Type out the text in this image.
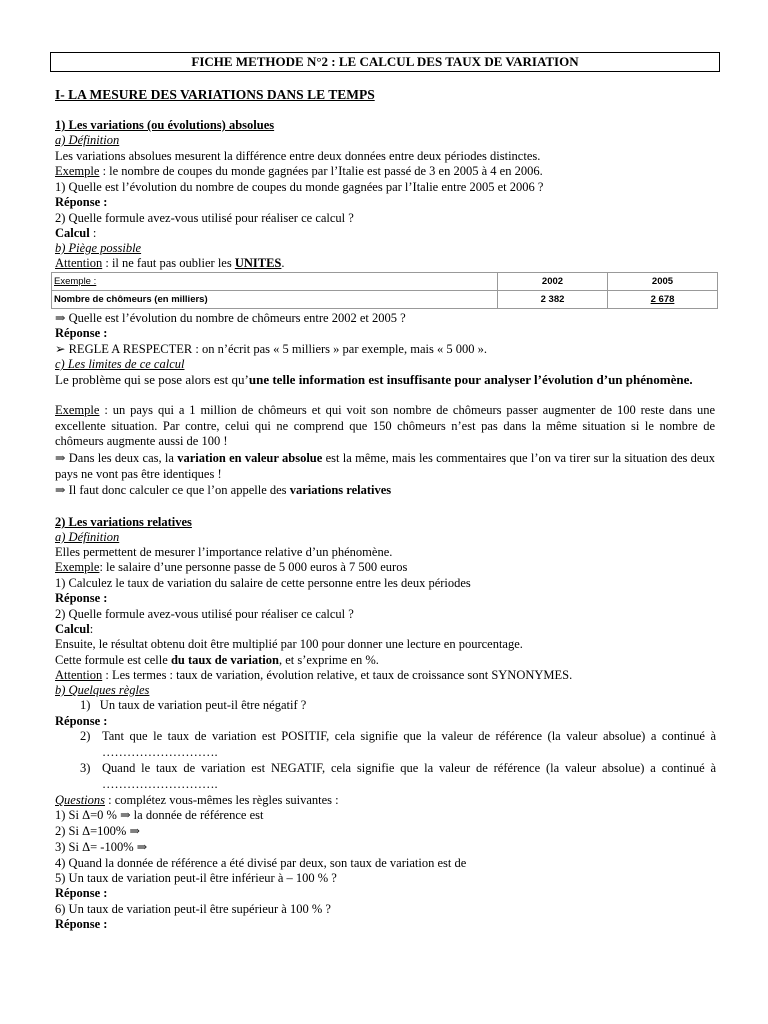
FICHE METHODE N°2 : LE CALCUL DES TAUX DE VARIATION
I- LA MESURE DES VARIATIONS DANS LE TEMPS
1) Les variations (ou évolutions) absolues
a) Définition
Les variations absolues mesurent la différence entre deux données entre deux périodes distinctes.
Exemple : le nombre de coupes du monde gagnées par l’Italie est passé de 3 en 2005 à 4 en 2006.
1) Quelle est l’évolution du nombre de coupes du monde gagnées par l’Italie entre 2005 et 2006 ?
Réponse :
2) Quelle formule avez-vous utilisé pour réaliser ce calcul ?
Calcul :
b) Piège possible
Attention : il ne faut pas oublier les UNITES.
Exemple :	2002	2005
Nombre de chômeurs (en milliers)	2 382	2 678
⇒ Quelle est l’évolution du nombre de chômeurs entre 2002 et 2005 ?
Réponse :
➢ REGLE A RESPECTER : on n’écrit pas « 5 milliers » par exemple, mais « 5 000 ».
c) Les limites de ce calcul
Le problème qui se pose alors est qu’une telle information est insuffisante pour analyser l’évolution d’un phénomène.
Exemple : un pays qui a 1 million de chômeurs et qui voit son nombre de chômeurs passer augmenter de 100 reste dans une excellente situation. Par contre, celui qui ne comprend que 150 chômeurs n’est pas dans la même situation si le nombre de chômeurs augmente aussi de 100 !
⇒ Dans les deux cas, la variation en valeur absolue est la même, mais les commentaires que l’on va tirer sur la situation des deux pays ne vont pas être identiques !
⇒ Il faut donc calculer ce que l’on appelle des variations relatives
2) Les variations relatives
a) Définition
Elles permettent de mesurer l’importance relative d’un phénomène.
Exemple: le salaire d’une personne passe de 5 000 euros à 7 500 euros
1) Calculez le taux de variation du salaire de cette personne entre les deux périodes
Réponse :
2) Quelle formule avez-vous utilisé pour réaliser ce calcul ?
Calcul:
Ensuite, le résultat obtenu doit être multiplié par 100 pour donner une lecture en pourcentage.
Cette formule est celle du taux de variation, et s’exprime en %.
Attention : Les termes : taux de variation, évolution relative, et taux de croissance sont SYNONYMES.
b) Quelques règles
1)   Un taux de variation peut-il être négatif ?
Réponse :
2) Tant que le taux de variation est POSITIF, cela signifie que la valeur de référence (la valeur absolue) a continué à ……………………….
3) Quand le taux de variation est NEGATIF, cela signifie que la valeur de référence (la valeur absolue) a continué à ……………………….
Questions : complétez vous-mêmes les règles suivantes :
1) Si Δ=0 % ⇒ la donnée de référence est
2) Si Δ=100% ⇒
3) Si Δ= -100% ⇒
4) Quand la donnée de référence a été divisé par deux, son taux de variation est de
5) Un taux de variation peut-il être inférieur à – 100 % ?
Réponse :
6) Un taux de variation peut-il être supérieur à 100 % ?
Réponse :
